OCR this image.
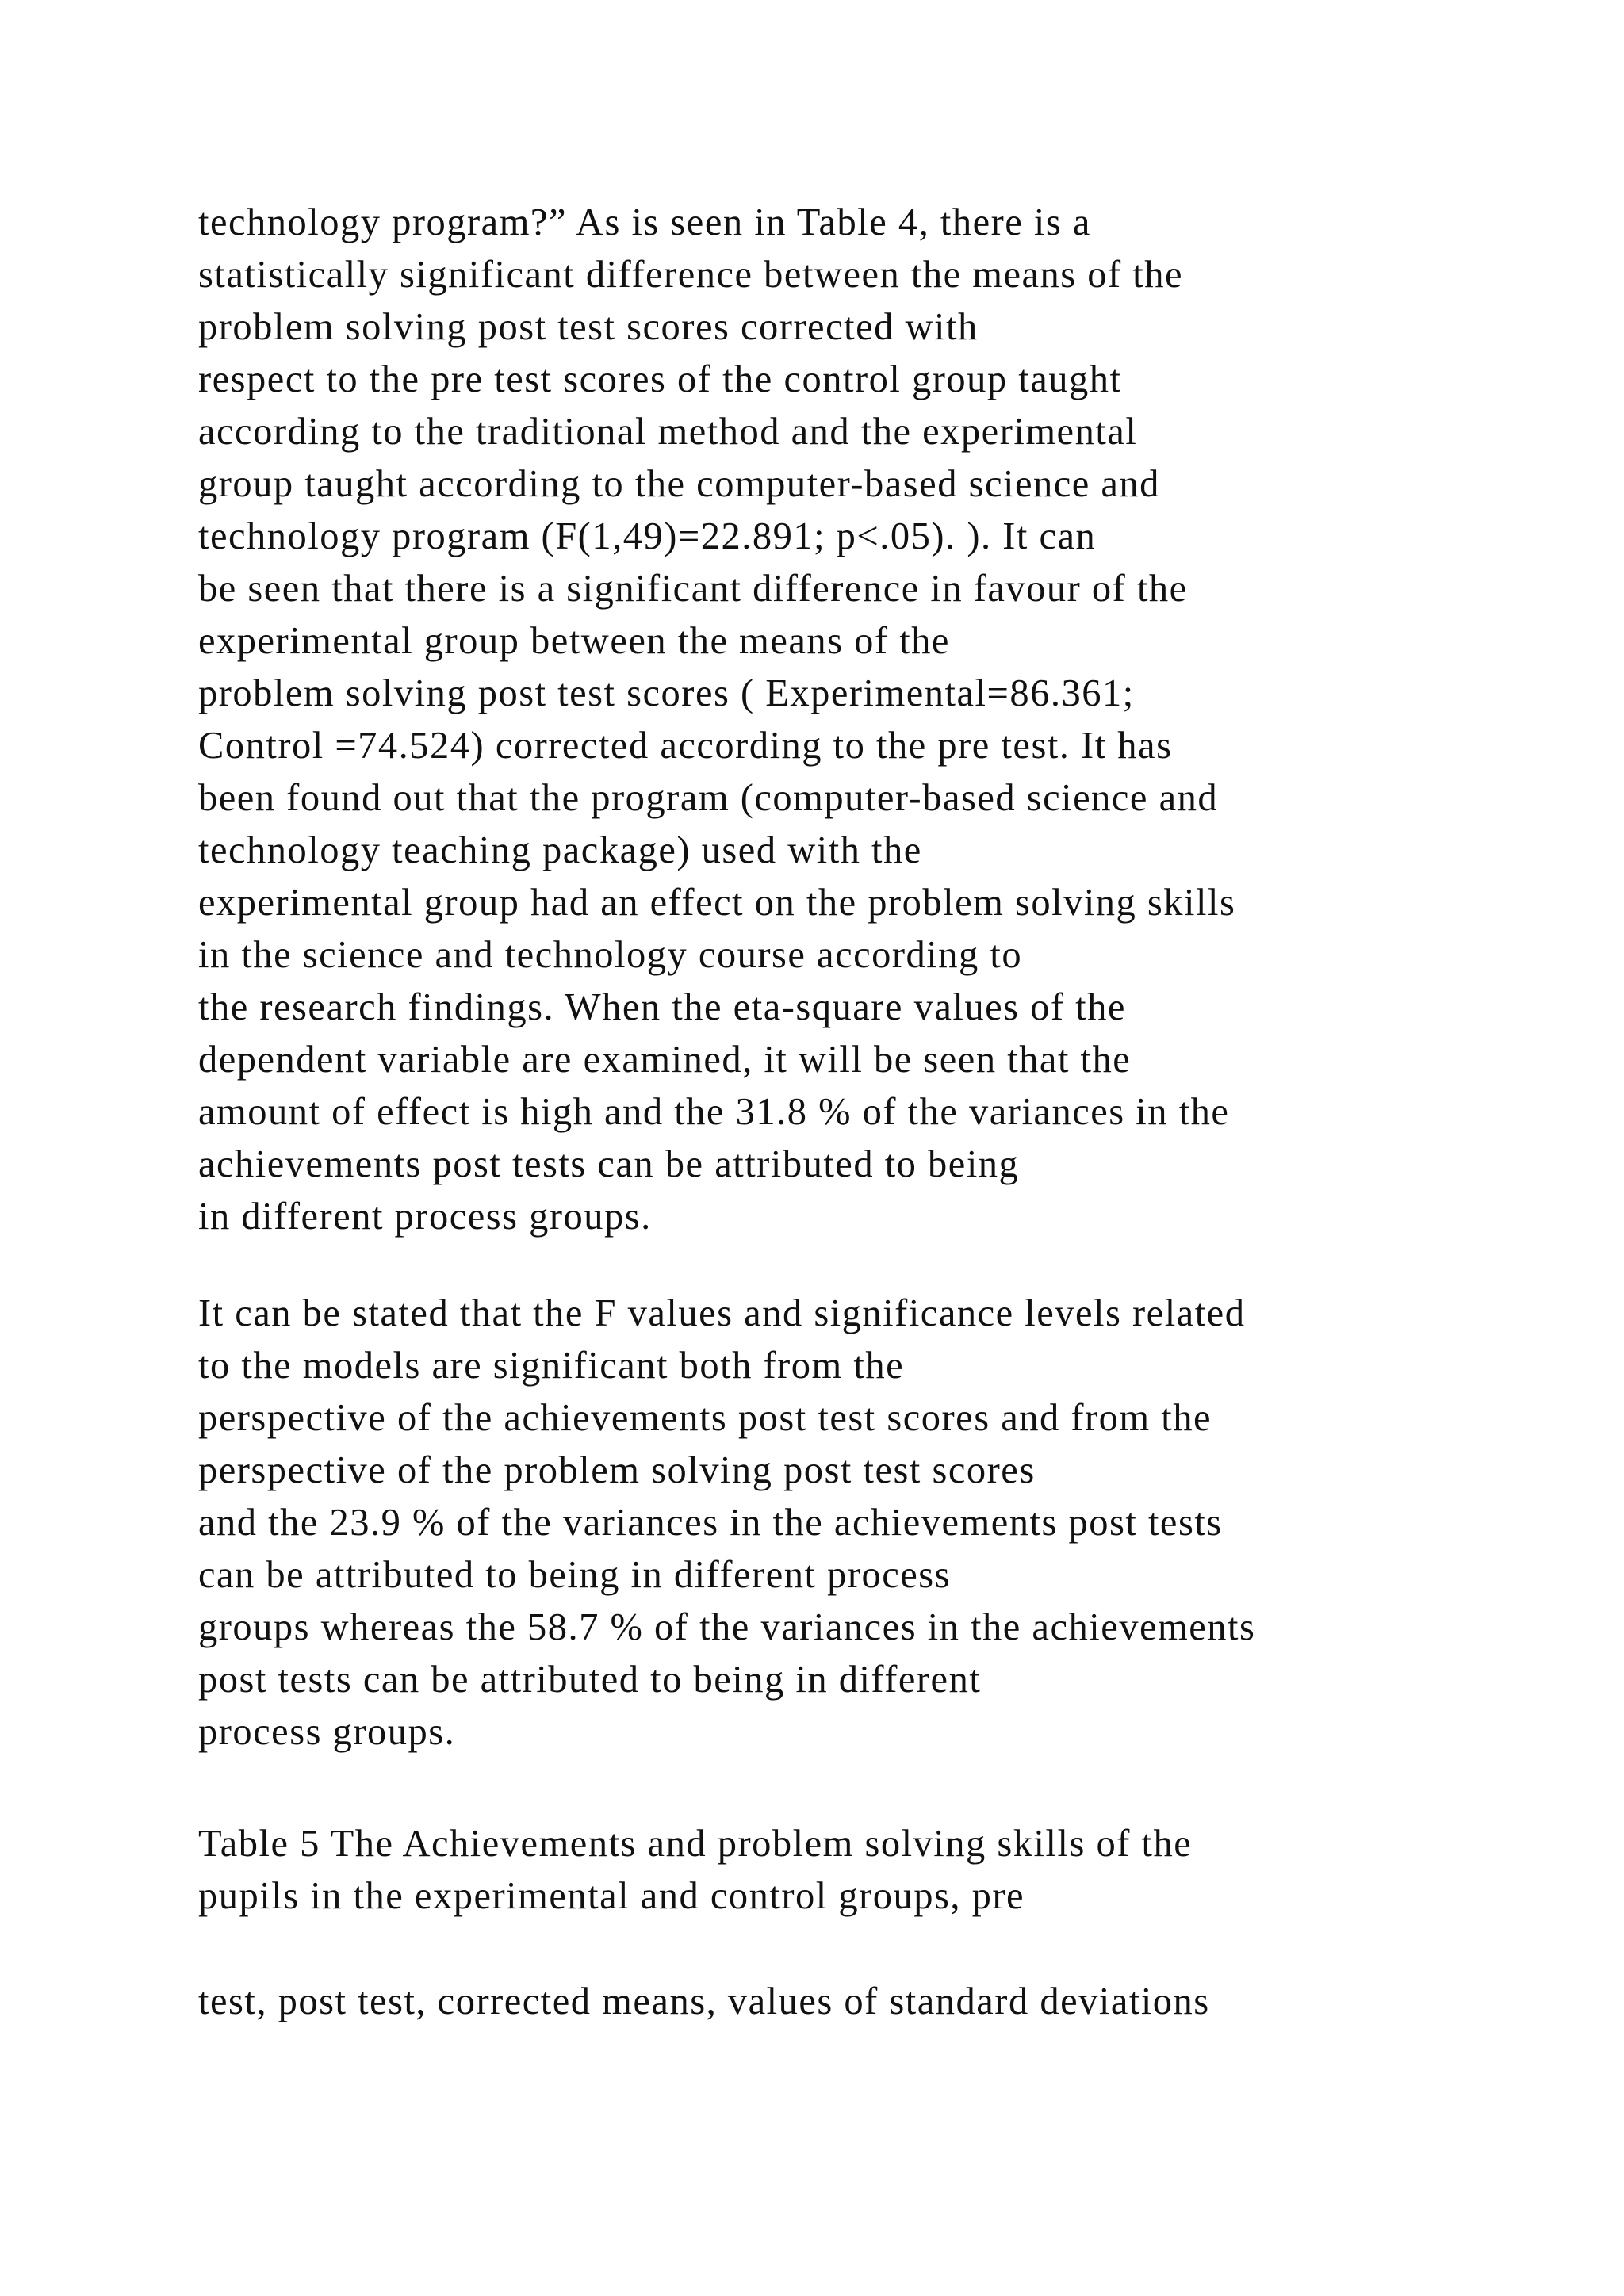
technology program?” As is seen in Table 4, there is a
statistically significant difference between the means of the
problem solving post test scores corrected with
respect to the pre test scores of the control group taught
according to the traditional method and the experimental
group taught according to the computer-based science and
technology program (F(1,49)=22.891; p<.05). ). It can
be seen that there is a significant difference in favour of the
experimental group between the means of the
problem solving post test scores ( Experimental=86.361;
Control =74.524) corrected according to the pre test. It has
been found out that the program (computer-based science and
technology teaching package) used with the
experimental group had an effect on the problem solving skills
in the science and technology course according to
the research findings. When the eta-square values of the
dependent variable are examined, it will be seen that the
amount of effect is high and the 31.8 % of the variances in the
achievements post tests can be attributed to being
in different process groups.
It can be stated that the F values and significance levels related
to the models are significant both from the
perspective of the achievements post test scores and from the
perspective of the problem solving post test scores
and the 23.9 % of the variances in the achievements post tests
can be attributed to being in different process
groups whereas the 58.7 % of the variances in the achievements
post tests can be attributed to being in different
process groups.
Table 5 The Achievements and problem solving skills of the
pupils in the experimental and control groups, pre
test, post test, corrected means, values of standard deviations
